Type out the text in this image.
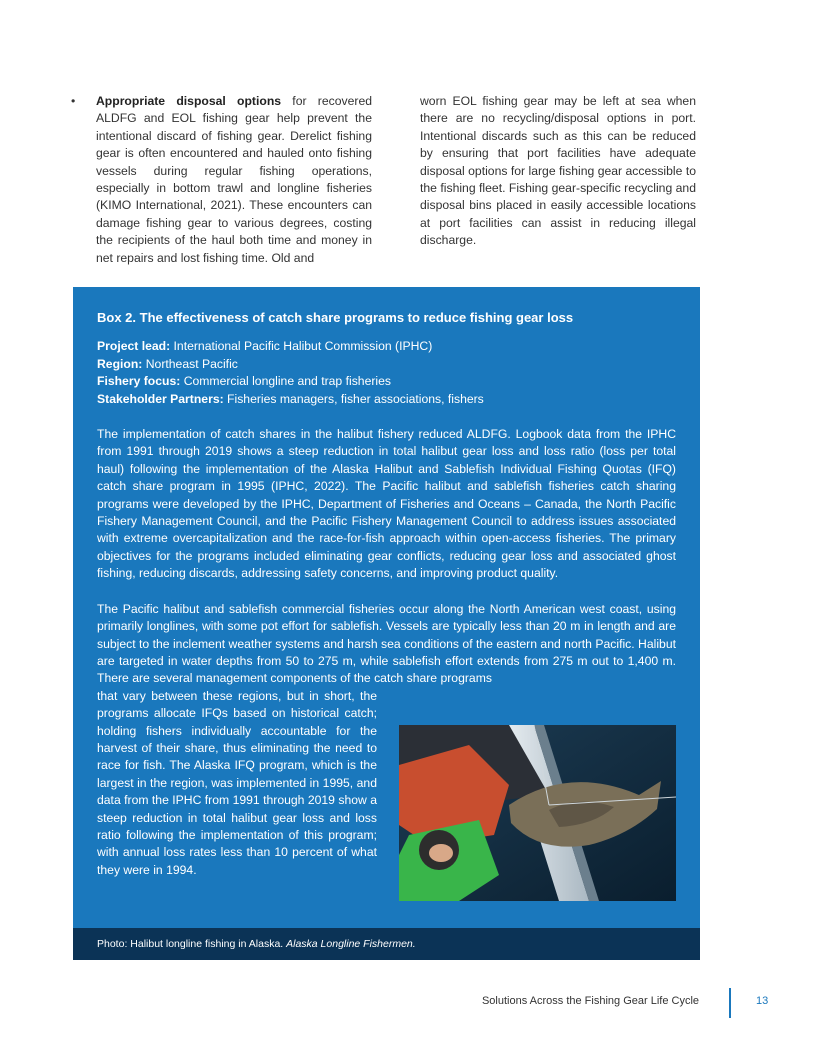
• Appropriate disposal options for recovered ALDFG and EOL fishing gear help prevent the intentional discard of fishing gear. Derelict fishing gear is often encountered and hauled onto fishing vessels during regular fishing operations, especially in bottom trawl and longline fisheries (KIMO International, 2021). These encounters can damage fishing gear to various degrees, costing the recipients of the haul both time and money in net repairs and lost fishing time. Old and
worn EOL fishing gear may be left at sea when there are no recycling/disposal options in port. Intentional discards such as this can be reduced by ensuring that port facilities have adequate disposal options for large fishing gear accessible to the fishing fleet. Fishing gear-specific recycling and disposal bins placed in easily accessible locations at port facilities can assist in reducing illegal discharge.
Box 2. The effectiveness of catch share programs to reduce fishing gear loss

Project lead: International Pacific Halibut Commission (IPHC)

Region: Northeast Pacific

Fishery focus: Commercial longline and trap fisheries

Stakeholder Partners: Fisheries managers, fisher associations, fishers

The implementation of catch shares in the halibut fishery reduced ALDFG. Logbook data from the IPHC from 1991 through 2019 shows a steep reduction in total halibut gear loss and loss ratio (loss per total haul) following the implementation of the Alaska Halibut and Sablefish Individual Fishing Quotas (IFQ) catch share program in 1995 (IPHC, 2022). The Pacific halibut and sablefish fisheries catch sharing programs were developed by the IPHC, Department of Fisheries and Oceans – Canada, the North Pacific Fishery Management Council, and the Pacific Fishery Management Council to address issues associated with extreme overcapitalization and the race-for-fish approach within open-access fisheries. The primary objectives for the programs included eliminating gear conflicts, reducing gear loss and associated ghost fishing, reducing discards, addressing safety concerns, and improving product quality.

The Pacific halibut and sablefish commercial fisheries occur along the North American west coast, using primarily longlines, with some pot effort for sablefish. Vessels are typically less than 20 m in length and are subject to the inclement weather systems and harsh sea conditions of the eastern and north Pacific. Halibut are targeted in water depths from 50 to 275 m, while sablefish effort extends from 275 m out to 1,400 m. There are several management components of the catch share programs

that vary between these regions, but in short, the programs allocate IFQs based on historical catch; holding fishers individually accountable for the harvest of their share, thus eliminating the need to race for fish. The Alaska IFQ program, which is the largest in the region, was implemented in 1995, and data from the IPHC from 1991 through 2019 show a steep reduction in total halibut gear loss and loss ratio following the implementation of this program; with annual loss rates less than 10 percent of what they were in 1994.
Photo: Halibut longline fishing in Alaska. Alaska Longline Fishermen.
Solutions Across the Fishing Gear Life Cycle	13
